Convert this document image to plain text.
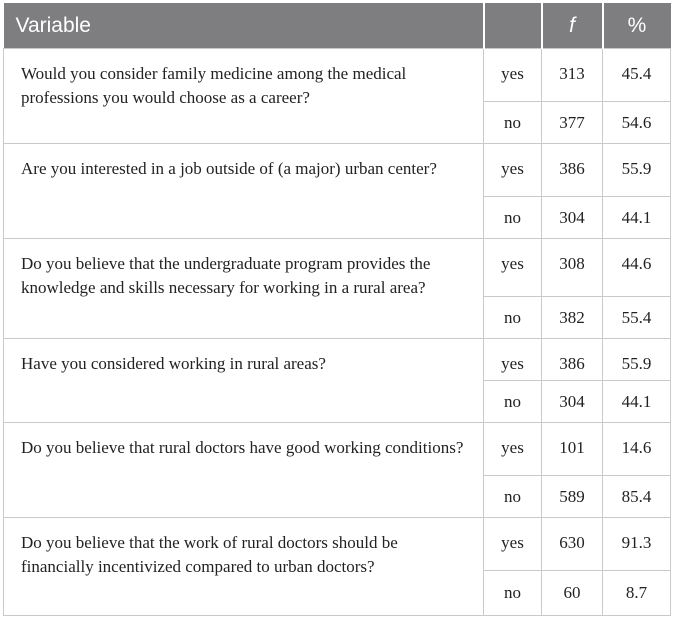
Variable		f	%
Would you consider family medicine among the medical professions you would choose as a career?	yes	313	45.4
	no	377	54.6
Are you interested in a job outside of (a major) urban center?	yes	386	55.9
	no	304	44.1
Do you believe that the undergraduate program provides the knowledge and skills necessary for working in a rural area?	yes	308	44.6
	no	382	55.4
Have you considered working in rural areas?	yes	386	55.9
	no	304	44.1
Do you believe that rural doctors have good working conditions?	yes	101	14.6
	no	589	85.4
Do you believe that the work of rural doctors should be financially incentivized compared to urban doctors?	yes	630	91.3
	no	60	8.7
